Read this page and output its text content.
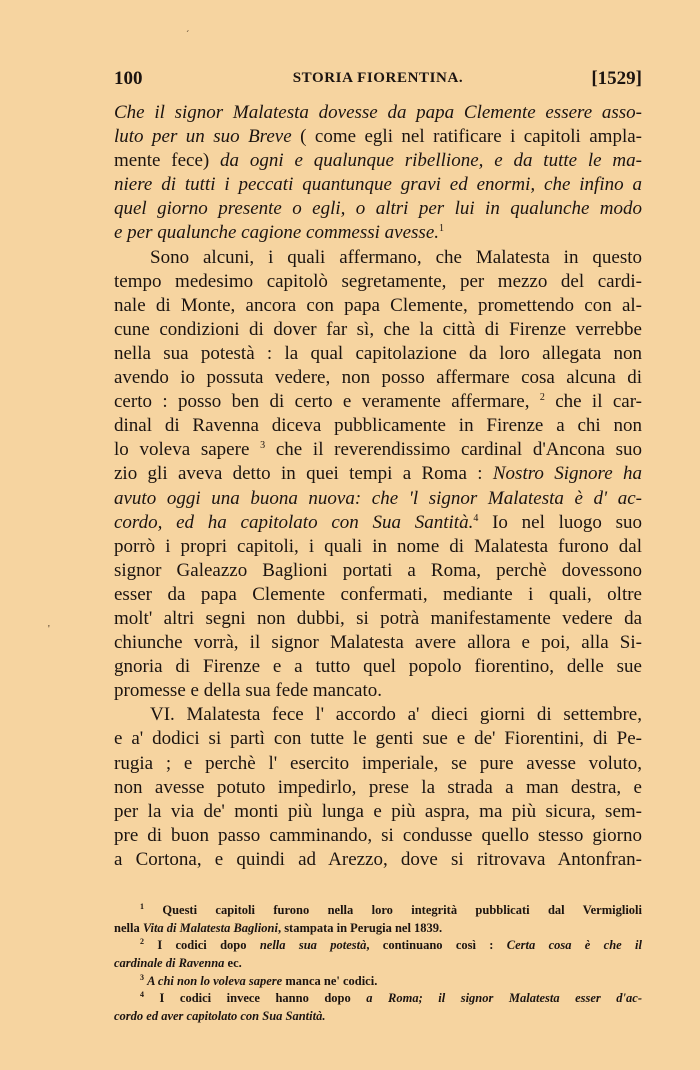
´
'
100	STORIA FIORENTINA.	[1529]
Che il signor Malatesta dovesse da papa Clemente essere asso-
luto per un suo Breve ( come egli nel ratificare i capitoli ampla-
mente fece) da ogni e qualunque ribellione, e da tutte le ma-
niere di tutti i peccati quantunque gravi ed enormi, che infino a
quel giorno presente o egli, o altri per lui in qualunche modo
e per qualunche cagione commessi avesse.$^1$
Sono alcuni, i quali affermano, che Malatesta in questo
tempo medesimo capitolò segretamente, per mezzo del cardi-
nale di Monte, ancora con papa Clemente, promettendo con al-
cune condizioni di dover far sì, che la città di Firenze verrebbe
nella sua potestà : la qual capitolazione da loro allegata non
avendo io possuta vedere, non posso affermare cosa alcuna di
certo : posso ben di certo e veramente affermare, $^2$ che il car-
dinal di Ravenna diceva pubblicamente in Firenze a chi non
lo voleva sapere $^3$ che il reverendissimo cardinal d'Ancona suo
zio gli aveva detto in quei tempi a Roma : Nostro Signore ha
avuto oggi una buona nuova: che 'l signor Malatesta è d' ac-
cordo, ed ha capitolato con Sua Santità.$^4$ Io nel luogo suo
porrò i propri capitoli, i quali in nome di Malatesta furono dal
signor Galeazzo Baglioni portati a Roma, perchè dovessono
esser da papa Clemente confermati, mediante i quali, oltre
molt' altri segni non dubbi, si potrà manifestamente vedere da
chiunche vorrà, il signor Malatesta avere allora e poi, alla Si-
gnoria di Firenze e a tutto quel popolo fiorentino, delle sue
promesse e della sua fede mancato.
VI. Malatesta fece l' accordo a' dieci giorni di settembre,
e a' dodici si partì con tutte le genti sue e de' Fiorentini, di Pe-
rugia ; e perchè l' esercito imperiale, se pure avesse voluto,
non avesse potuto impedirlo, prese la strada a man destra, e
per la via de' monti più lunga e più aspra, ma più sicura, sem-
pre di buon passo camminando, si condusse quello stesso giorno
a Cortona, e quindi ad Arezzo, dove si ritrovava Antonfran-
$^1$ Questi capitoli furono nella loro integrità pubblicati dal Vermiglioli
nella Vita di Malatesta Baglioni, stampata in Perugia nel 1839.
$^2$ I codici dopo nella sua potestà, continuano così : Certa cosa è che il
cardinale di Ravenna ec.
$^3$ A chi non lo voleva sapere manca ne' codici.
$^4$ I codici invece hanno dopo a Roma; il signor Malatesta esser d'ac-
cordo ed aver capitolato con Sua Santità.
